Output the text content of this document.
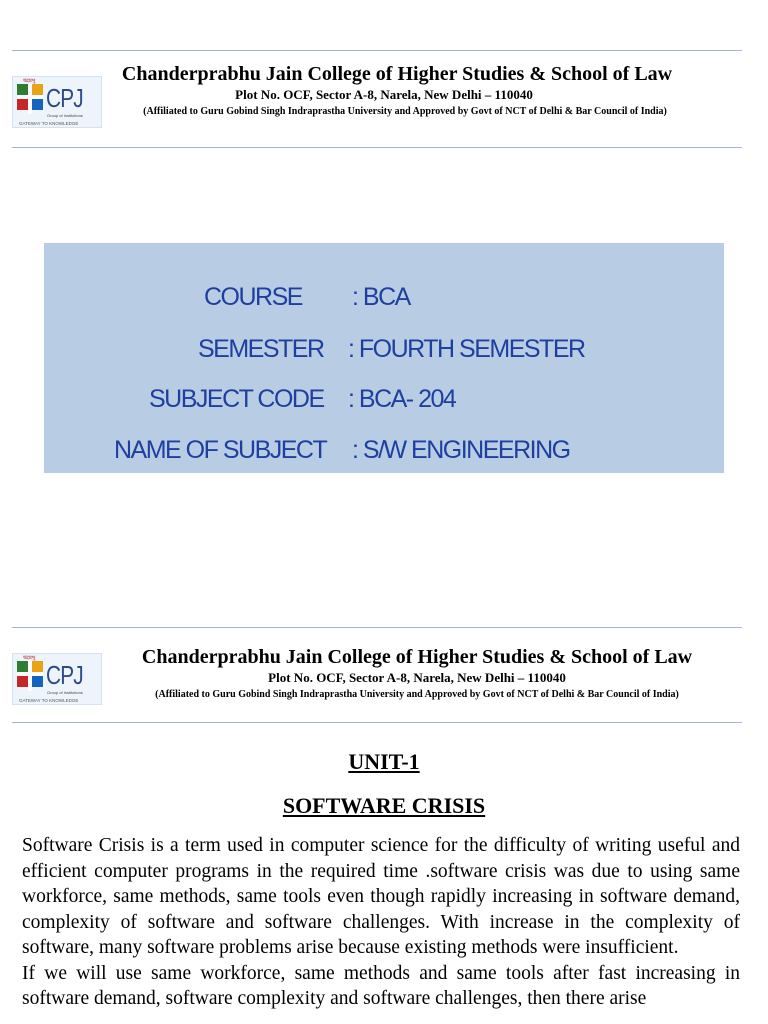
चंद्रप्रभु
CPJ
Group of Institutions
GATEWAY TO KNOWLEDGE
Chanderprabhu Jain College of Higher Studies & School of Law
Plot No. OCF, Sector A-8, Narela, New Delhi – 110040
(Affiliated to Guru Gobind Singh Indraprastha University and Approved by Govt of NCT of Delhi & Bar Council of India)
COURSE : BCA
SEMESTER : FOURTH SEMESTER
SUBJECT CODE : BCA- 204
NAME OF SUBJECT : S/W ENGINEERING
चंद्रप्रभु
CPJ
Group of Institutions
GATEWAY TO KNOWLEDGE
Chanderprabhu Jain College of Higher Studies & School of Law
Plot No. OCF, Sector A-8, Narela, New Delhi – 110040
(Affiliated to Guru Gobind Singh Indraprastha University and Approved by Govt of NCT of Delhi & Bar Council of India)
UNIT-1
SOFTWARE CRISIS

Software Crisis is a term used in computer science for the difficulty of writing useful and efficient computer programs in the required time .software crisis was due to using same workforce, same methods, same tools even though rapidly increasing in software demand, complexity of software and software challenges. With increase in the complexity of software, many software problems arise because existing methods were insufficient.

If we will use same workforce, same methods and same tools after fast increasing in software demand, software complexity and software challenges, then there arise
